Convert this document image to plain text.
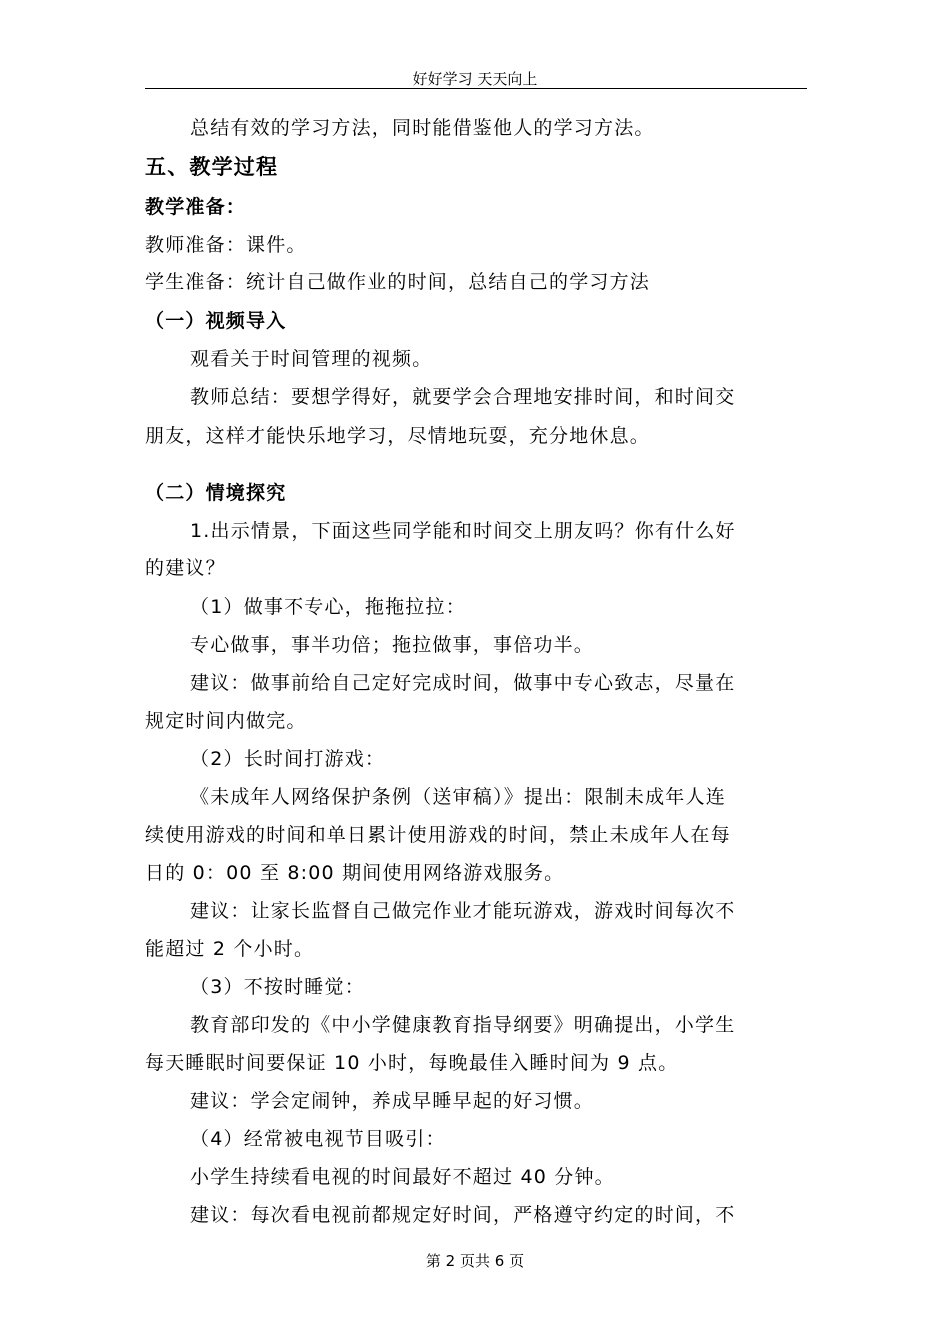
好好学习 天天向上
总结有效的学习方法，同时能借鉴他人的学习方法。
五、教学过程
教学准备：
教师准备：课件。
学生准备：统计自己做作业的时间，总结自己的学习方法
（一）视频导入
观看关于时间管理的视频。
教师总结：要想学得好，就要学会合理地安排时间，和时间交
朋友，这样才能快乐地学习，尽情地玩耍，充分地休息。
（二）情境探究
1.出示情景，下面这些同学能和时间交上朋友吗？你有什么好
的建议？
（1）做事不专心，拖拖拉拉：
专心做事，事半功倍；拖拉做事，事倍功半。
建议：做事前给自己定好完成时间，做事中专心致志，尽量在
规定时间内做完。
（2）长时间打游戏：
《未成年人网络保护条例（送审稿）》提出：限制未成年人连
续使用游戏的时间和单日累计使用游戏的时间，禁止未成年人在每
日的 0：00 至 8:00 期间使用网络游戏服务。
建议：让家长监督自己做完作业才能玩游戏，游戏时间每次不
能超过 2 个小时。
（3）不按时睡觉：
教育部印发的《中小学健康教育指导纲要》明确提出，小学生
每天睡眠时间要保证 10 小时，每晚最佳入睡时间为 9 点。
建议：学会定闹钟，养成早睡早起的好习惯。
（4）经常被电视节目吸引：
小学生持续看电视的时间最好不超过 40 分钟。
建议：每次看电视前都规定好时间，严格遵守约定的时间，不
第 2 页共 6 页
